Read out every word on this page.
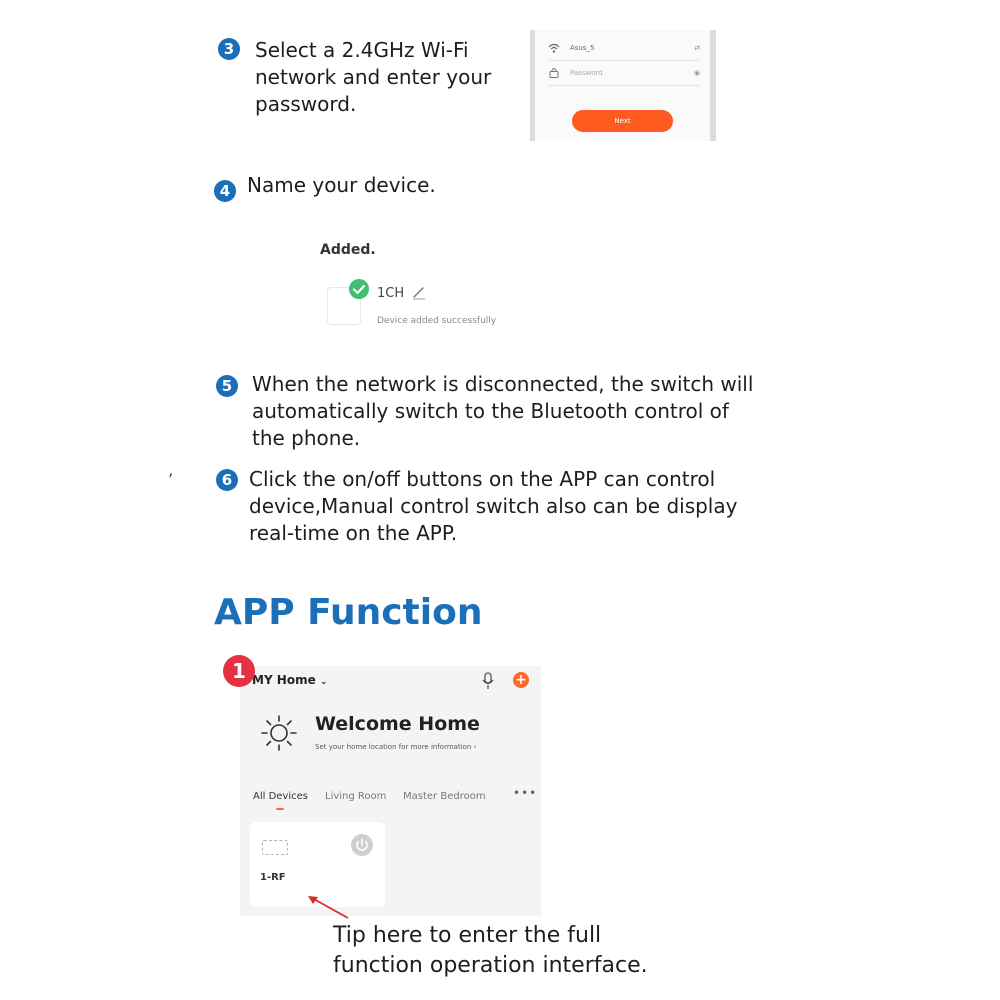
3 Select a 2.4GHz Wi-Fi
network and enter your
password.
Asus_5	⇄
Password	◉
Next
4 Name your device.
Added.
1CH
Device added successfully
5 When the network is disconnected, the switch will
automatically switch to the Bluetooth control of
the phone.
’	6 Click the on/off buttons on the APP can control
device,Manual control switch also can be display
real-time on the APP.
APP Function
MY Home ⌄
1	+
Welcome Home
Set your home location for more information ›
All Devices Living Room Master Bedroom •••
1-RF
Tip here to enter the full
function operation interface.
